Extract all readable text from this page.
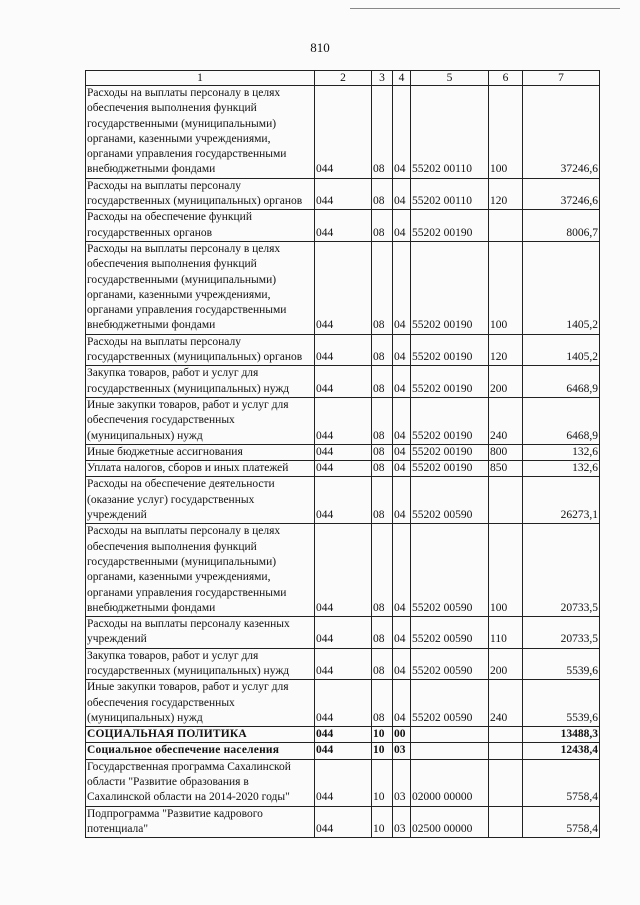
810
1	2	3	4	5	6	7
Расходы на выплаты персоналу в целях обеспечения выполнения функций государственными (муниципальными) органами, казенными учреждениями, органами управления государственными внебюджетными фондами	044	08	04	55202 00110	100	37246,6
Расходы на выплаты персоналу государственных (муниципальных) органов	044	08	04	55202 00110	120	37246,6
Расходы на обеспечение функций государственных органов	044	08	04	55202 00190		8006,7
Расходы на выплаты персоналу в целях обеспечения выполнения функций государственными (муниципальными) органами, казенными учреждениями, органами управления государственными внебюджетными фондами	044	08	04	55202 00190	100	1405,2
Расходы на выплаты персоналу государственных (муниципальных) органов	044	08	04	55202 00190	120	1405,2
Закупка товаров, работ и услуг для государственных (муниципальных) нужд	044	08	04	55202 00190	200	6468,9
Иные закупки товаров, работ и услуг для обеспечения государственных (муниципальных) нужд	044	08	04	55202 00190	240	6468,9
Иные бюджетные ассигнования	044	08	04	55202 00190	800	132,6
Уплата налогов, сборов и иных платежей	044	08	04	55202 00190	850	132,6
Расходы на обеспечение деятельности (оказание услуг) государственных учреждений	044	08	04	55202 00590		26273,1
Расходы на выплаты персоналу в целях обеспечения выполнения функций государственными (муниципальными) органами, казенными учреждениями, органами управления государственными внебюджетными фондами	044	08	04	55202 00590	100	20733,5
Расходы на выплаты персоналу казенных учреждений	044	08	04	55202 00590	110	20733,5
Закупка товаров, работ и услуг для государственных (муниципальных) нужд	044	08	04	55202 00590	200	5539,6
Иные закупки товаров, работ и услуг для обеспечения государственных (муниципальных) нужд	044	08	04	55202 00590	240	5539,6
СОЦИАЛЬНАЯ ПОЛИТИКА	044	10	00			13488,3
Социальное обеспечение населения	044	10	03			12438,4
Государственная программа Сахалинской области "Развитие образования в Сахалинской области на 2014-2020 годы"	044	10	03	02000 00000		5758,4
Подпрограмма "Развитие кадрового потенциала"	044	10	03	02500 00000		5758,4
